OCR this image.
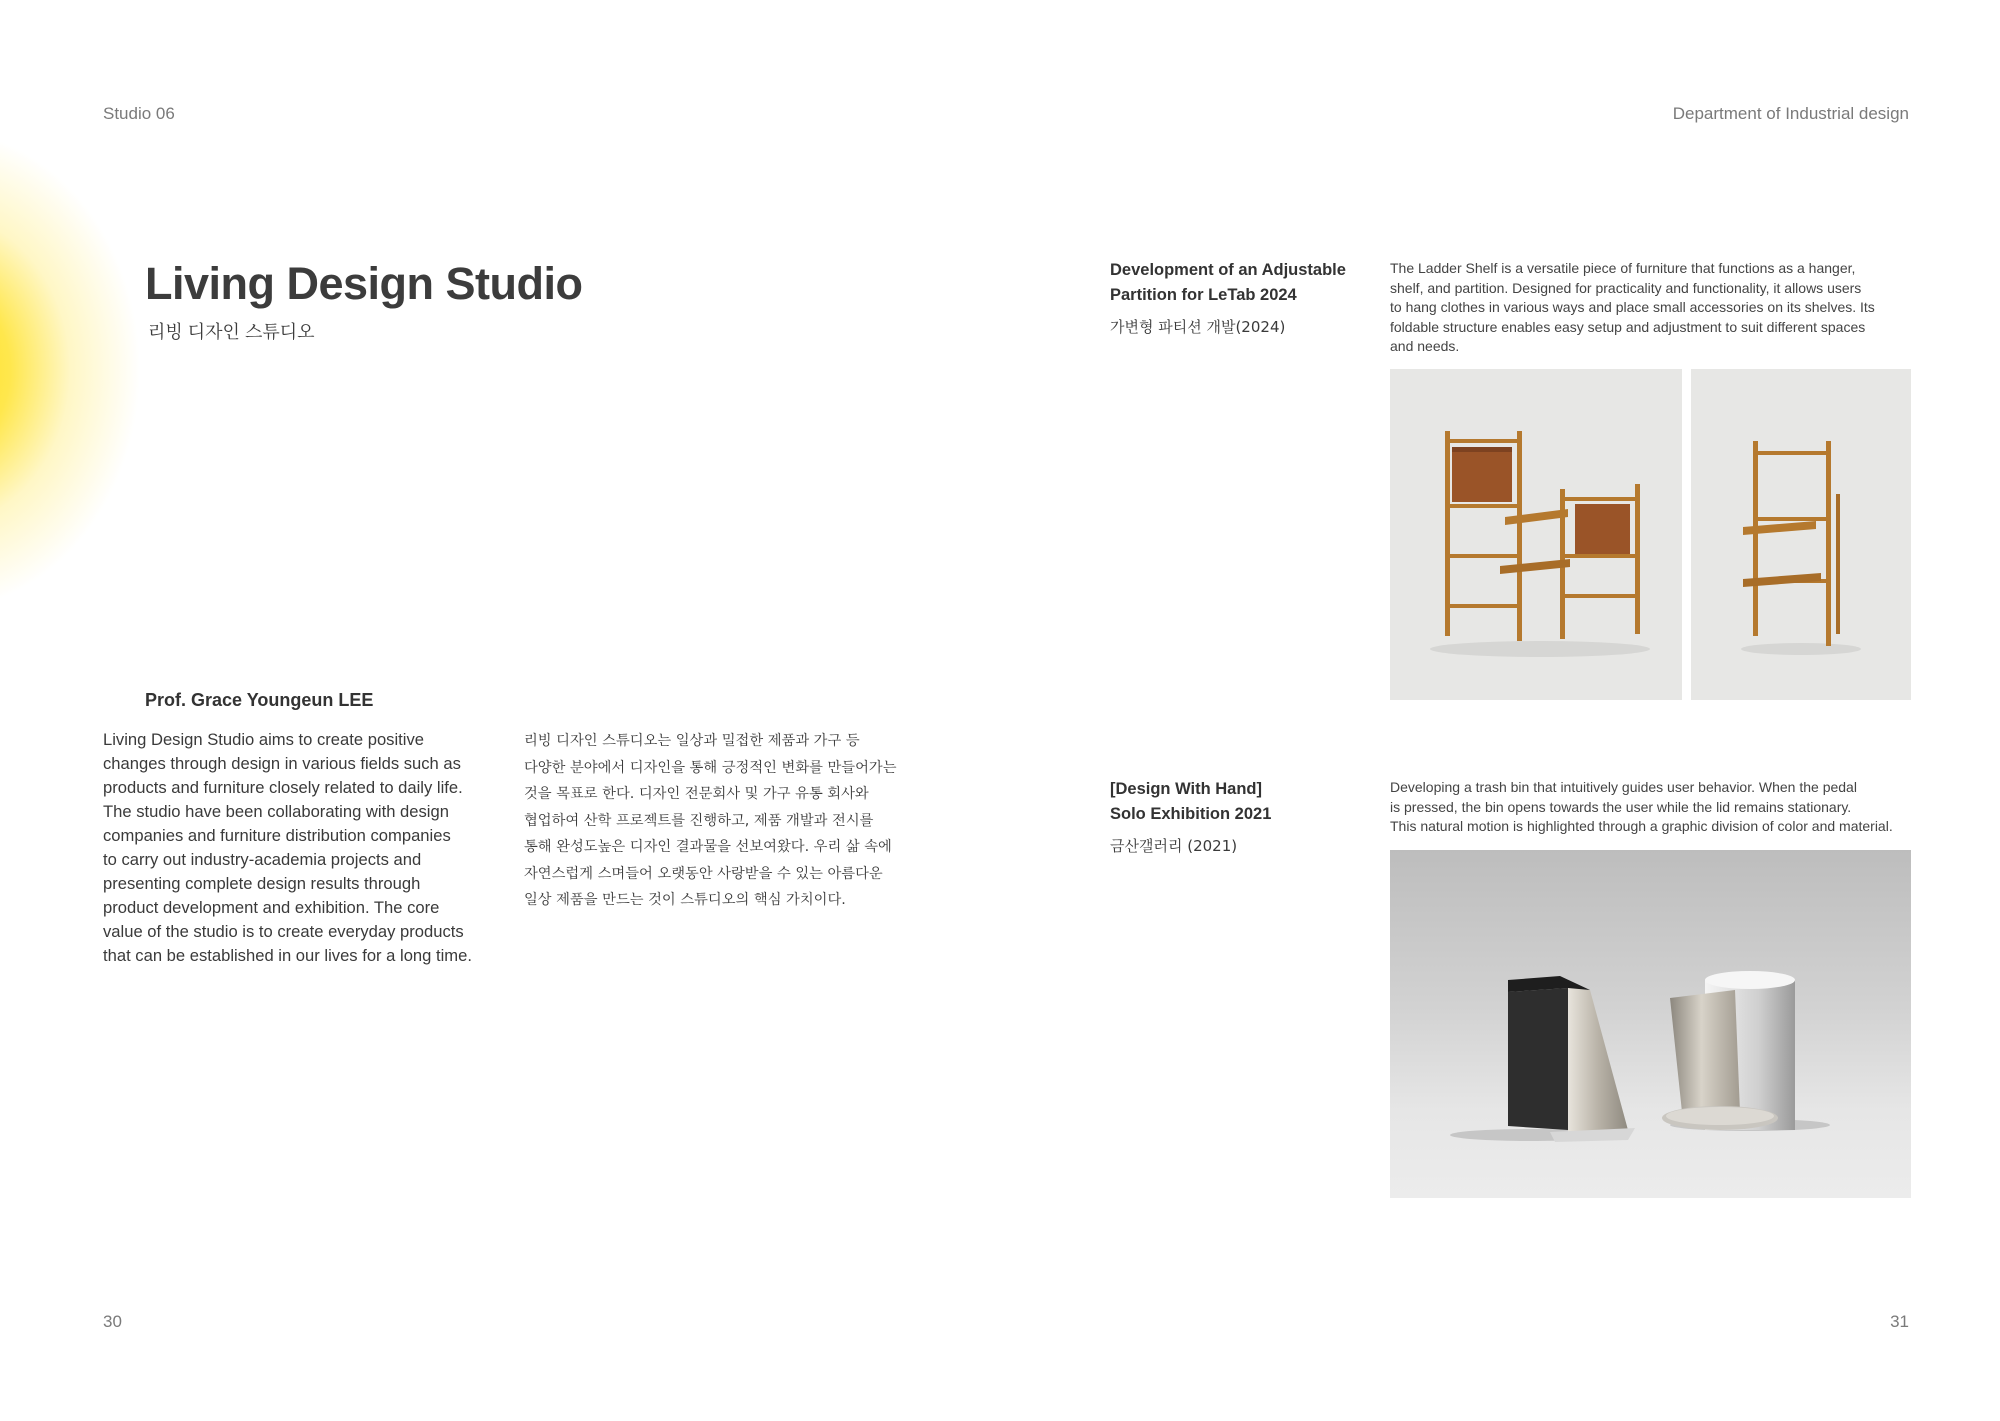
Studio 06	Department of Industrial design
Living Design Studio
리빙 디자인 스튜디오
Prof. Grace Youngeun LEE
Living Design Studio aims to create positive
changes through design in various fields such as
products and furniture closely related to daily life.
The studio have been collaborating with design
companies and furniture distribution companies
to carry out industry-academia projects and
presenting complete design results through
product development and exhibition. The core
value of the studio is to create everyday products
that can be established in our lives for a long time.
리빙 디자인 스튜디오는 일상과 밀접한 제품과 가구 등
다양한 분야에서 디자인을 통해 긍정적인 변화를 만들어가는
것을 목표로 한다. 디자인 전문회사 및 가구 유통 회사와
협업하여 산학 프로젝트를 진행하고, 제품 개발과 전시를
통해 완성도높은 디자인 결과물을 선보여왔다. 우리 삶 속에
자연스럽게 스며들어 오랫동안 사랑받을 수 있는 아름다운
일상 제품을 만드는 것이 스튜디오의 핵심 가치이다.
Development of an Adjustable
Partition for LeTab 2024
가변형 파티션 개발(2024)
The Ladder Shelf is a versatile piece of furniture that functions as a hanger,
shelf, and partition. Designed for practicality and functionality, it allows users
to hang clothes in various ways and place small accessories on its shelves. Its
foldable structure enables easy setup and adjustment to suit different spaces
and needs.
[Design With Hand]
Solo Exhibition 2021
금산갤러리 (2021)
Developing a trash bin that intuitively guides user behavior. When the pedal
is pressed, the bin opens towards the user while the lid remains stationary.
This natural motion is highlighted through a graphic division of color and material.
30	31
